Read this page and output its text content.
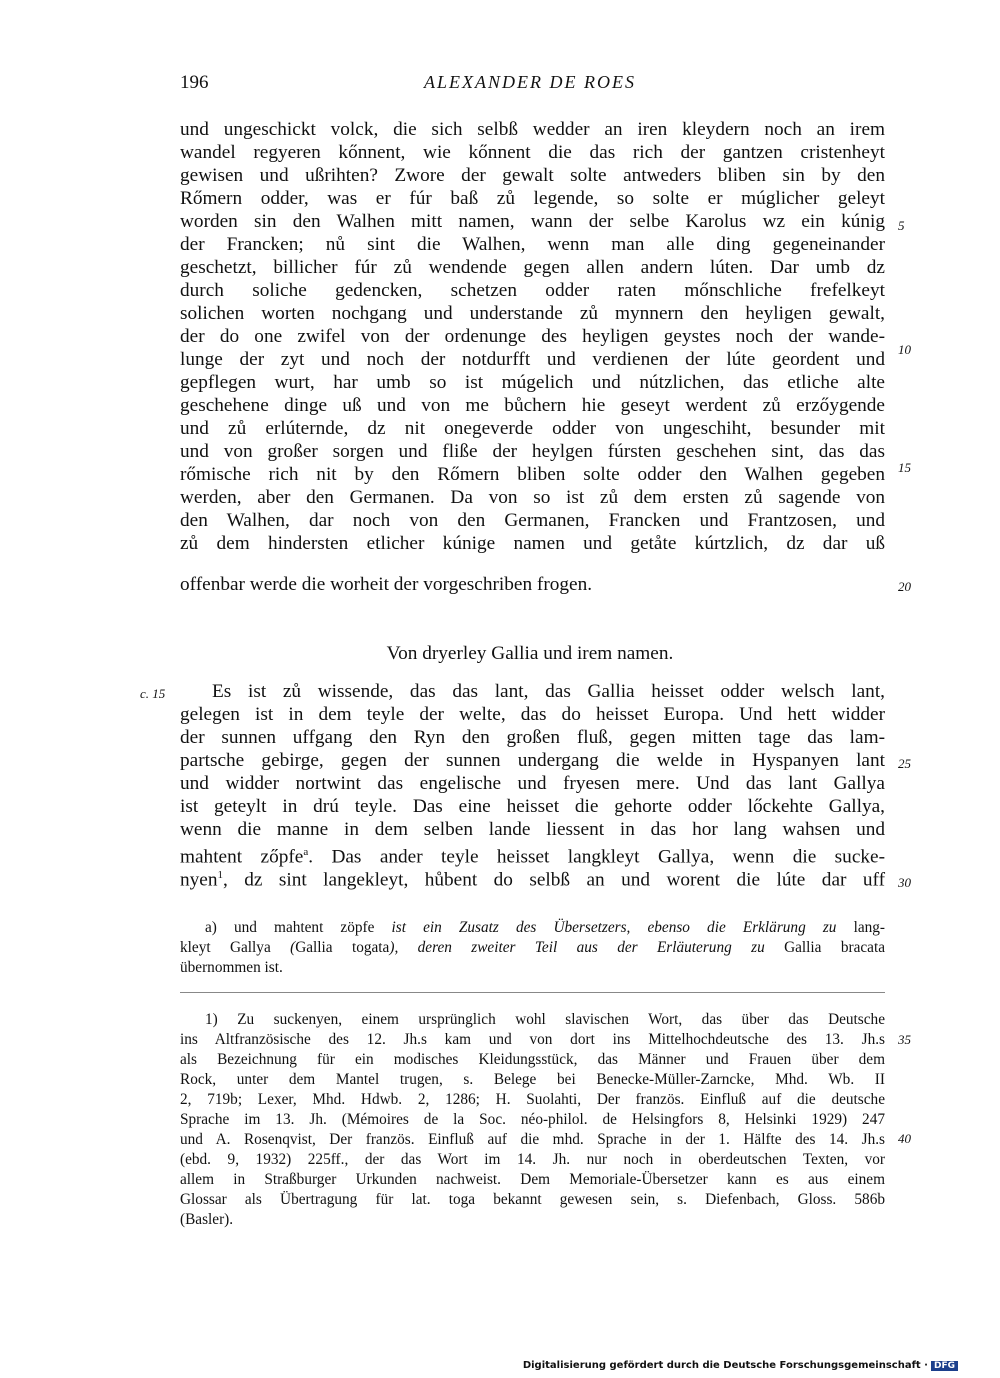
196	ALEXANDER DE ROES
und ungeschickt volck, die sich selbß wedder an iren kleydern noch an irem
wandel regyeren kőnnent, wie kőnnent die das rich der gantzen cristenheyt
gewisen und ußrihten? Zwore der gewalt solte antweders bliben sin by den
Rőmern odder, was er fúr baß zů legende, so solte er múglicher geleyt
worden sin den Walhen mitt namen, wann der selbe Karolus wz ein kúnig
der Francken; nů sint die Walhen, wenn man alle ding gegeneinander
geschetzt, billicher fúr zů wendende gegen allen andern lúten. Dar umb dz
durch soliche gedencken, schetzen odder raten mőnschliche frefelkeyt
solichen worten nochgang und understande zů mynnern den heyligen gewalt,
der do one zwifel von der ordenunge des heyligen geystes noch der wande-
lunge der zyt und noch der notdurfft und verdienen der lúte geordent und
gepflegen wurt, har umb so ist múgelich und nútzlichen, das etliche alte
geschehene dinge uß und von me bůchern hie geseyt werdent zů erzőygende
und zů erlúternde, dz nit onegeverde odder von ungeschiht, besunder mit
und von großer sorgen und fliße der heylgen fúrsten geschehen sint, das das
rőmische rich nit by den Rőmern bliben solte odder den Walhen gegeben
werden, aber den Germanen. Da von so ist zů dem ersten zů sagende von
den Walhen, dar noch von den Germanen, Francken und Frantzosen, und
zů dem hindersten etlicher kúnige namen und getåte kúrtzlich, dz dar uß
offenbar werde die worheit der vorgeschriben frogen.
5
10
15
20
Von dryerley Gallia und irem namen.
c. 15 Es ist zů wissende, das das lant, das Gallia heisset odder welsch lant,
gelegen ist in dem teyle der welte, das do heisset Europa. Und hett widder
der sunnen uffgang den Ryn den großen fluß, gegen mitten tage das lam-
partsche gebirge, gegen der sunnen undergang die welde in Hyspanyen lant
und widder nortwint das engelische und fryesen mere. Und das lant Gallya
ist geteylt in drú teyle. Das eine heisset die gehorte odder lőckehte Gallya,
wenn die manne in dem selben lande liessent in das hor lang wahsen und
mahtent zőpfe$^a$. Das ander teyle heisset langkleyt Gallya, wenn die sucke-
nyen$^1$, dz sint langekleyt, hůbent do selbß an und worent die lúte dar uff
25
30
a) und mahtent zöpfe ist ein Zusatz des Übersetzers, ebenso die Erklärung zu lang-
kleyt Gallya (Gallia togata), deren zweiter Teil aus der Erläuterung zu Gallia bracata
übernommen ist.
1) Zu suckenyen, einem ursprünglich wohl slavischen Wort, das über das Deutsche
ins Altfranzösische des 12. Jh.s kam und von dort ins Mittelhochdeutsche des 13. Jh.s
als Bezeichnung für ein modisches Kleidungsstück, das Männer und Frauen über dem
Rock, unter dem Mantel trugen, s. Belege bei Benecke-Müller-Zarncke, Mhd. Wb. II
2, 719b; Lexer, Mhd. Hdwb. 2, 1286; H. Suolahti, Der französ. Einfluß auf die deutsche
Sprache im 13. Jh. (Mémoires de la Soc. néo-philol. de Helsingfors 8, Helsinki 1929) 247
und A. Rosenqvist, Der französ. Einfluß auf die mhd. Sprache in der 1. Hälfte des 14. Jh.s
(ebd. 9, 1932) 225ff., der das Wort im 14. Jh. nur noch in oberdeutschen Texten, vor
allem in Straßburger Urkunden nachweist. Dem Memoriale-Übersetzer kann es aus einem
Glossar als Übertragung für lat. toga bekannt gewesen sein, s. Diefenbach, Gloss. 586b
(Basler).
35
40
Digitalisierung gefördert durch die Deutsche Forschungsgemeinschaft · DFG
